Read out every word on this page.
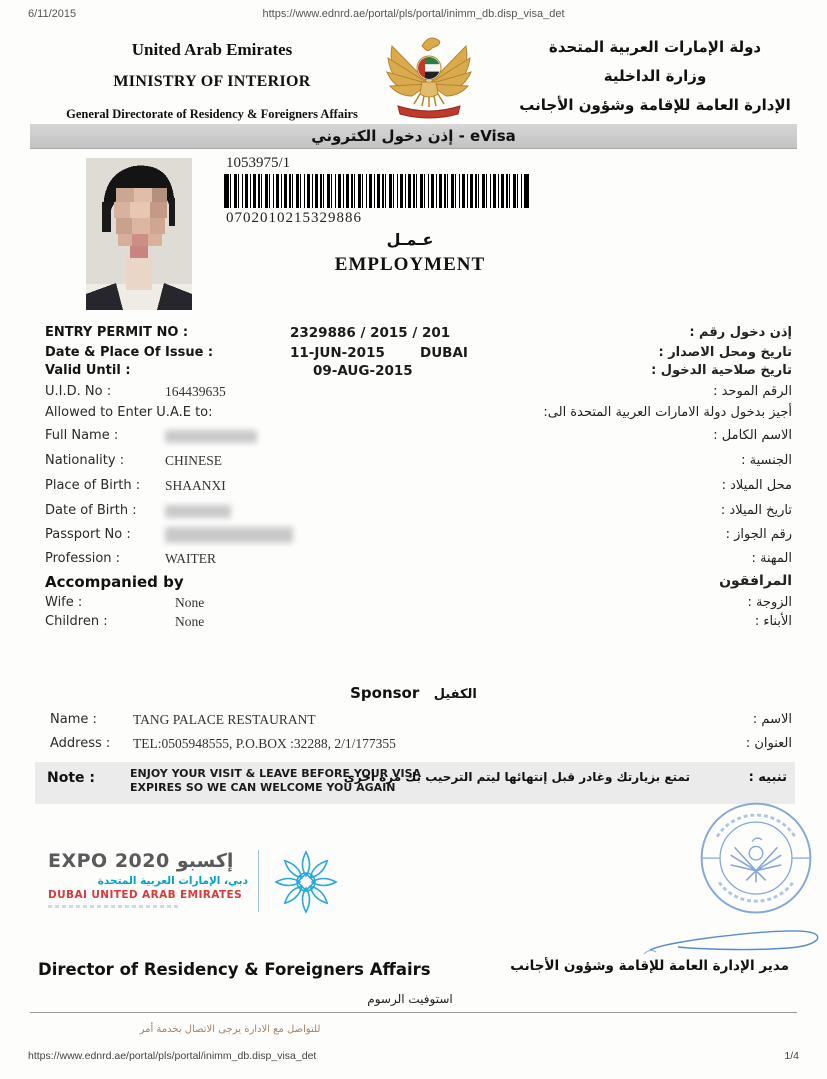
6/11/2015	https://www.ednrd.ae/portal/pls/portal/inimm_db.disp_visa_det
United Arab Emirates
MINISTRY OF INTERIOR
General Directorate of Residency & Foreigners Affairs
دولة الإمارات العربية المتحدة
وزارة الداخلية
الإدارة العامة للإقامة وشؤون الأجانب
إذن دخول الكتروني - eVisa
1053975/1
0702010215329886
عـمـل
EMPLOYMENT
ENTRY PERMIT NO :	2329886 / 2015 / 201	إذن دخول رقم :
Date & Place Of Issue :	11-JUN-2015	DUBAI	تاريخ ومحل الاصدار :
Valid Until :	09-AUG-2015	تاريخ صلاحية الدخول :
U.I.D. No :	164439635	الرقم الموحد :
Allowed to Enter U.A.E to:	أجيز بدخول دولة الامارات العربية المتحدة الى:
Full Name :	الاسم الكامل :
Nationality :	CHINESE	الجنسية :
Place of Birth : SHAANXI	محل الميلاد :
Date of Birth :	تاريخ الميلاد :
Passport No :	رقم الجواز :
Profession :	WAITER	المهنة :
Accompanied by	المرافقون
Wife :	None	الزوجة :
Children :	None	الأبناء :
Sponsor الكفيل
Name :	TANG PALACE RESTAURANT	الاسم :
Address : TEL:0505948555, P.O.BOX :32288, 2/1/177355	العنوان :
Note :	ENJOY YOUR VISIT & LEAVE BEFORE YOUR VISA
EXPIRES SO WE CAN WELCOME YOU AGAIN
تمتع بزيارتك وغادر قبل إنتهائها ليتم الترحيب بك مرة أخرى	تنبيه :
EXPO 2020 إكسبو
دبي، الإمارات العربية المتحدة
DUBAI UNITED ARAB EMIRATES
Director of Residency & Foreigners Affairs	مدير الإدارة العامة للإقامة وشؤون الأجانب
استوفيت الرسوم
للتواصل مع الادارة يرجى الاتصال بخدمة أمر
https://www.ednrd.ae/portal/pls/portal/inimm_db.disp_visa_det	1/4
